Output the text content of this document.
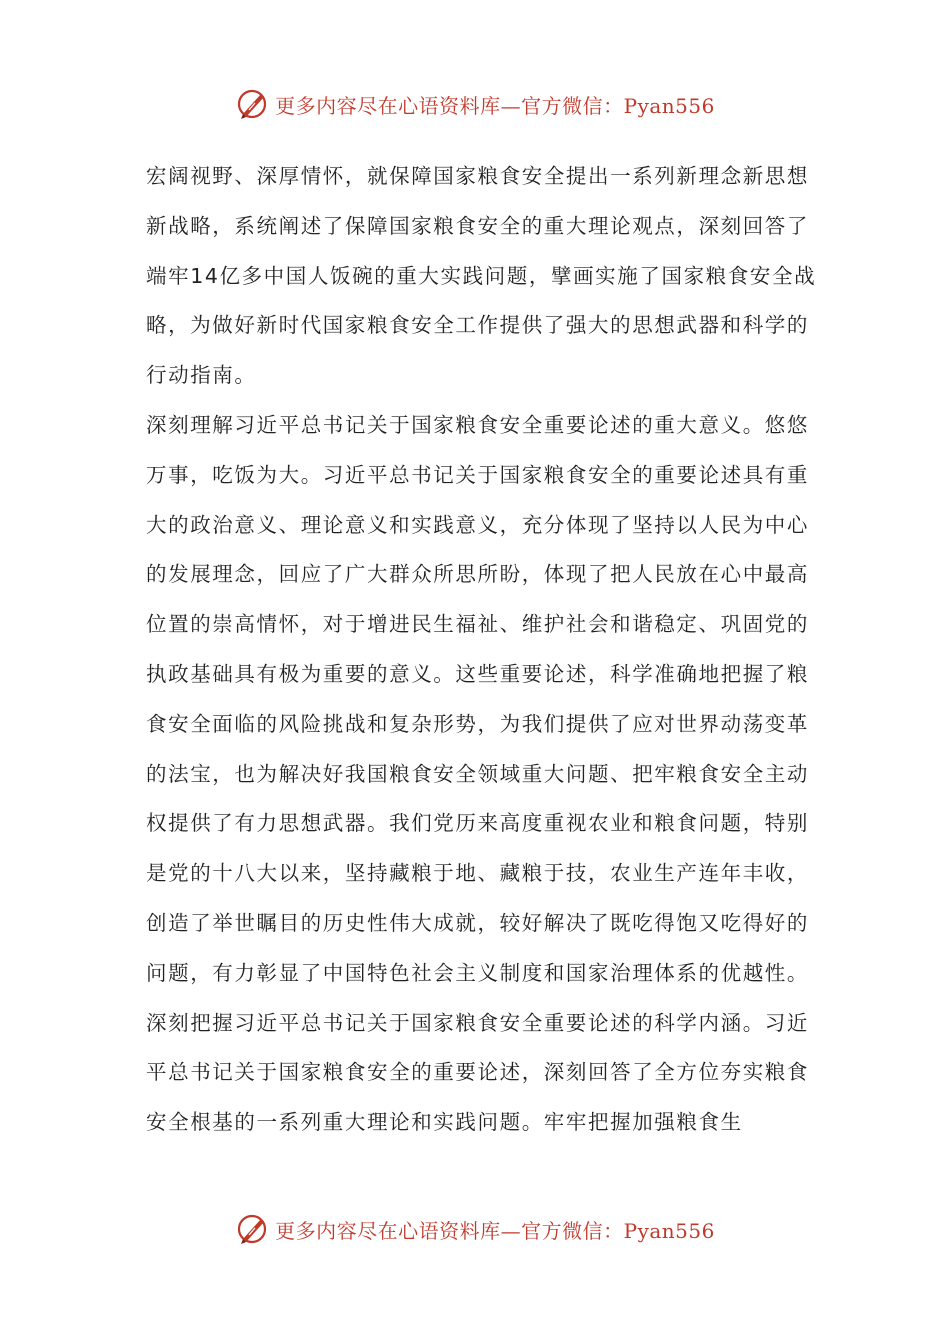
更多内容尽在心语资料库—官方微信：Pyan556

宏阔视野、深厚情怀，就保障国家粮食安全提出一系列新理念新思想新战略，系统阐述了保障国家粮食安全的重大理论观点，深刻回答了端牢14亿多中国人饭碗的重大实践问题，擘画实施了国家粮食安全战略，为做好新时代国家粮食安全工作提供了强大的思想武器和科学的行动指南。

深刻理解习近平总书记关于国家粮食安全重要论述的重大意义。悠悠万事，吃饭为大。习近平总书记关于国家粮食安全的重要论述具有重大的政治意义、理论意义和实践意义，充分体现了坚持以人民为中心的发展理念，回应了广大群众所思所盼，体现了把人民放在心中最高位置的崇高情怀，对于增进民生福祉、维护社会和谐稳定、巩固党的执政基础具有极为重要的意义。这些重要论述，科学准确地把握了粮食安全面临的风险挑战和复杂形势，为我们提供了应对世界动荡变革的法宝，也为解决好我国粮食安全领域重大问题、把牢粮食安全主动权提供了有力思想武器。我们党历来高度重视农业和粮食问题，特别是党的十八大以来，坚持藏粮于地、藏粮于技，农业生产连年丰收，创造了举世瞩目的历史性伟大成就，较好解决了既吃得饱又吃得好的问题，有力彰显了中国特色社会主义制度和国家治理体系的优越性。

深刻把握习近平总书记关于国家粮食安全重要论述的科学内涵。习近平总书记关于国家粮食安全的重要论述，深刻回答了全方位夯实粮食安全根基的一系列重大理论和实践问题。牢牢把握加强粮食生

更多内容尽在心语资料库—官方微信：Pyan556
